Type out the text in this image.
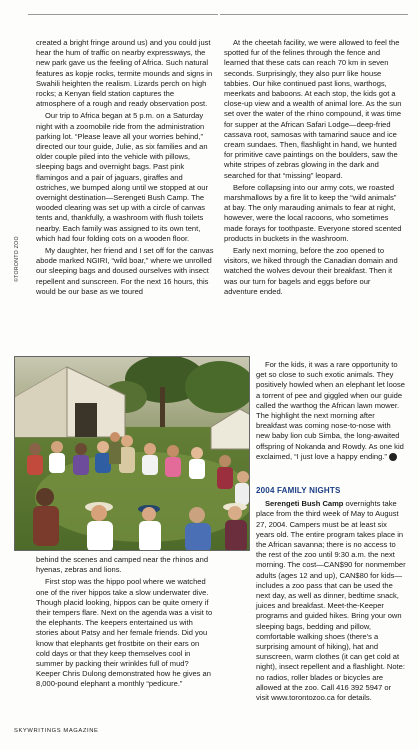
created a bright fringe around us) and you could just hear the hum of traffic on nearby expressways, the new park gave us the feeling of Africa. Such natural features as kopje rocks, termite mounds and signs in Swahili heighten the realism. Lizards perch on high rocks; a Kenyan field station captures the atmosphere of a rough and ready observation post.

Our trip to Africa began at 5 p.m. on a Saturday night with a zoomobile ride from the administration parking lot. “Please leave all your worries behind,” directed our tour guide, Julie, as six families and an older couple piled into the vehicle with pillows, sleeping bags and overnight bags. Past pink flamingos and a pair of jaguars, giraffes and ostriches, we bumped along until we stopped at our overnight destination—Serengeti Bush Camp. The wooded clearing was set up with a circle of canvas tents and, thankfully, a washroom with flush toilets nearby. Each family was assigned to its own tent, which had four folding cots on a wooden floor.

My daughter, her friend and I set off for the canvas abode marked NGIRI, “wild boar,” where we unrolled our sleeping bags and doused ourselves with insect repellent and sunscreen. For the next 16 hours, this would be our base as we toured

At the cheetah facility, we were allowed to feel the spotted fur of the felines through the fence and learned that these cats can reach 70 km in seven seconds. Surprisingly, they also purr like house tabbies. Our hike continued past lions, warthogs, meerkats and baboons. At each stop, the kids got a close-up view and a wealth of animal lore. As the sun set over the water of the rhino compound, it was time for supper at the African Safari Lodge—deep-fried cassava root, samosas with tamarind sauce and ice cream sundaes. Then, flashlight in hand, we hunted for primitive cave paintings on the boulders, saw the white stripes of zebras glowing in the dark and searched for that “missing” leopard.

Before collapsing into our army cots, we roasted marshmallows by a fire lit to keep the “wild animals” at bay. The only marauding animals to fear at night, however, were the local racoons, who sometimes made forays for toothpaste. Everyone stored scented products in buckets in the washroom.

Early next morning, before the zoo opened to visitors, we hiked through the Canadian domain and watched the wolves devour their breakfast. Then it was our turn for bagels and eggs before our adventure ended.

©TORONTO ZOO

For the kids, it was a rare opportunity to get so close to such exotic animals. They positively howled when an elephant let loose a torrent of pee and giggled when our guide called the warthog the African lawn mower. The highlight the next morning after breakfast was coming nose-to-nose with new baby lion cub Simba, the long-awaited offspring of Nokanda and Rowdy. As one kid exclaimed, “I just love a happy ending.” ■

2004 FAMILY NIGHTS

Serengeti Bush Camp overnights take place from the third week of May to August 27, 2004. Campers must be at least six years old. The entire program takes place in the African savanna; there is no access to the rest of the zoo until 9:30 a.m. the next morning. The cost—CAN$90 for nonmember adults (ages 12 and up), CAN$80 for kids—includes a zoo pass that can be used the next day, as well as dinner, bedtime snack, juices and breakfast. Meet-the-Keeper programs and guided hikes. Bring your own sleeping bags, bedding and pillow, comfortable walking shoes (there's a surprising amount of hiking), hat and sunscreen, warm clothes (it can get cold at night), insect repellent and a flashlight. Note: no radios, roller blades or bicycles are allowed at the zoo. Call 416 392 5947 or visit www.torontozoo.ca for details.

behind the scenes and camped near the rhinos and hyenas, zebras and lions.

First stop was the hippo pool where we watched one of the river hippos take a slow underwater dive. Though placid looking, hippos can be quite ornery if their tempers flare. Next on the agenda was a visit to the elephants. The keepers entertained us with stories about Patsy and her female friends. Did you know that elephants get frostbite on their ears on cold days or that they keep themselves cool in summer by packing their wrinkles full of mud? Keeper Chris Dulong demonstrated how he gives an 8,000-pound elephant a monthly “pedicure.”

SKYWRITINGS MAGAZINE
